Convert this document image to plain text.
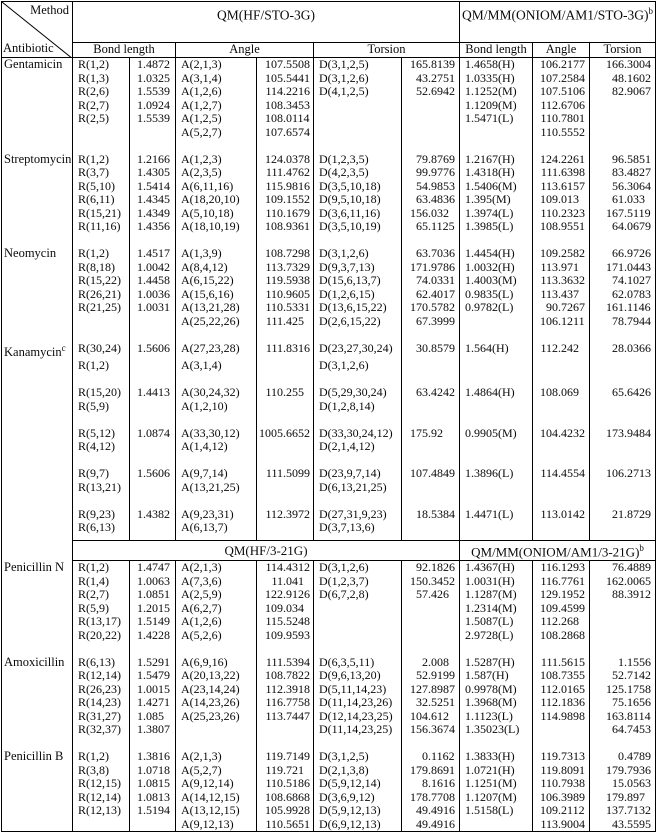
Method
Antibiotic	QM(HF/STO-3G)						QM/MM(ONIOM/AM1/STO-3G)$^b$
	Bond length		Angle		Torsion		Bond length	Angle	Torsion
Gentamicin	R(1,2)	1 .4872	A(2,1,3)	107 .5508	D(3,1,2,5)	165 .8139	1.4658(H)	106 .2177	166 .3004

	R(1,3)	1 .0325	A(3,1,4)	105 .5441	D(3,1,2,6)	43 .2751	1.0335(H)	107 .2584	48 .1602

	R(2,6)	1 .5539	A(1,2,6)	114 .2216	D(4,1,2,5)	52 .6942	1.1252(M)	107 .5106	82 .9067

	R(2,7)	1 .0924	A(1,2,7)	108 .3453			1.1209(M)	112 .6706	

	R(2,5)	1 .5539	A(1,2,5)	108 .0114			1.5471(L)	110 .7801	

			A(5,2,7)	107 .6574				110 .5552	

Streptomycin	R(1,2)	1 .2166	A(1,2,3)	124 .0378	D(1,2,3,5)	79 .8769	1.2167(H)	124 .2261	96 .5851

	R(3,7)	1 .4305	A(2,3,5)	111 .4762	D(4,2,3,5)	99 .9776	1.4318(H)	111 .6398	83 .4827

	R(5,10)	1 .5414	A(6,11,16)	115 .9816	D(3,5,10,18)	54 .9853	1.5406(M)	113 .6157	56 .3064

	R(6,11)	1 .4345	A(18,20,10)	109 .1552	D(9,5,10,18)	63 .4836	1.395(M)	109 .013	61 .033

	R(15,21)	1 .4349	A(5,10,18)	110 .1679	D(3,6,11,16)	156 .032	1.3974(L)	110 .2323	167 .5119

	R(11,16)	1 .4356	A(18,10,19)	108 .9361	D(3,5,10,19)	65 .1125	1.3985(L)	108 .9551	64 .0679

Neomycin	R(1,2)	1 .4517	A(1,3,9)	108 .7298	D(3,1,2,6)	63 .7036	1.4454(H)	109 .2582	66 .9726

	R(8,18)	1 .0042	A(8,4,12)	113 .7329	D(9,3,7,13)	171 .9786	1.0032(H)	113 .971	171 .0443

	R(15,22)	1 .4458	A(6,15,22)	119 .5938	D(15,6,13,7)	74 .0331	1.4003(M)	113 .3632	74 .1027

	R(26,21)	1 .0036	A(15,6,16)	110 .9605	D(1,2,6,15)	62 .4017	0.9835(L)	113 .437	62 .0783

	R(21,25)	1 .0031	A(13,21,28)	110 .5331	D(13,6,15,22)	170 .5782	0.9782(L)	90 .7267	161 .1146

			A(25,22,26)	111 .425	D(2,6,15,22)	67 .3999		106 .1211	78 .7944

Kanamycin$^c$	R(30,24)	1 .5606	A(27,23,28)	111 .8316	D(23,27,30,24)	30 .8579	1.564(H)	112 .242	28 .0366

	R(1,2)		A(3,1,4)		D(3,1,2,6)				

	R(15,20)	1 .4413	A(30,24,32)	110 .255	D(5,29,30,24)	63 .4242	1.4864(H)	108 .069	65 .6426

	R(5,9)		A(1,2,10)		D(1,2,8,14)				

	R(5,12)	1 .0874	A(33,30,12)	1005 .6652	D(33,30,24,12)	175 .92	0.9905(M)	104 .4232	173 .9484

	R(4,12)		A(1,4,12)		D(2,1,4,12)				

	R(9,7)	1 .5606	A(9,7,14)	111 .5099	D(23,9,7,14)	107 .4849	1.3896(L)	114 .4554	106 .2713

	R(13,21)		A(13,21,25)		D(6,13,21,25)				

	R(9,23)	1 .4382	A(9,23,31)	112 .3972	D(27,31,9,23)	18 .5384	1.4471(L)	113 .0142	21 .8729

	R(6,13)		A(6,13,7)		D(3,7,13,6)				

	QM(HF/3-21G)						QM/MM(ONIOM/AM1/3-21G)$^b$
Penicillin N	R(1,2)	1 .4747	A(2,1,3)	114 .4312	D(3,1,2,6)	92 .1826	1.4367(H)	116 .1293	76 .4889

	R(1,4)	1 .0063	A(7,3,6)	11 .041	D(1,2,3,7)	150 .3452	1.0031(H)	116 .7761	162 .0065

	R(2,7)	1 .0851	A(2,5,9)	122 .9126	D(6,7,2,8)	57 .426	1.1287(M)	129 .1952	88 .3912

	R(5,9)	1 .2015	A(6,2,7)	109 .034			1.2314(M)	109 .4599	

	R(13,17)	1 .5149	A(1,2,6)	115 .5248			1.5087(L)	112 .268	

	R(20,22)	1 .4228	A(5,2,6)	109 .9593			2.9728(L)	108 .2868	

Amoxicillin	R(6,13)	1 .5291	A(6,9,16)	111 .5394	D(6,3,5,11)	2 .008	1.5287(H)	111 .5615	1 .1556

	R(12,14)	1 .5479	A(20,13,22)	108 .7822	D(9,6,13,20)	52 .9199	1.587(H)	108 .7355	52 .7142

	R(26,23)	1 .0015	A(23,14,24)	112 .3918	D(5,11,14,23)	127 .8987	0.9978(M)	112 .0165	125 .1758

	R(14,23)	1 .4271	A(14,23,26)	116 .7758	D(11,14,23,26)	32 .5251	1.3968(M)	112 .1836	75 .1656

	R(31,27)	1 .085	A(25,23,26)	113 .7447	D(12,14,23,25)	104 .612	1.1123(L)	114 .9898	163 .8114

	R(32,37)	1 .3807			D(11,14,23,25)	156 .3674	1.35023(L)		64 .7453

Penicillin B	R(1,2)	1 .3816	A(2,1,3)	119 .7149	D(3,1,2,5)	0 .1162	1.3833(H)	119 .7313	0 .4789

	R(3,8)	1 .0718	A(5,2,7)	119 .721	D(2,1,3,8)	179 .8691	1.0721(H)	119 .8091	179 .7936

	R(12,15)	1 .0815	A(9,12,14)	110 .5186	D(5,9,12,14)	8 .1616	1.1251(M)	110 .7938	15 .0563

	R(12,14)	1 .0813	A(14,12,15)	108 .6868	D(3,6,9,12)	178 .7708	1.1207(M)	106 .3989	179 .897

	R(12,13)	1 .5194	A(13,12,15)	105 .9928	D(5,9,12,13)	49 .4916	1.5158(L)	109 .2112	137 .7132

			A(9,12,13)	110 .5651	D(6,9,12,13)	49 .4916		113 .9004	43 .5595
